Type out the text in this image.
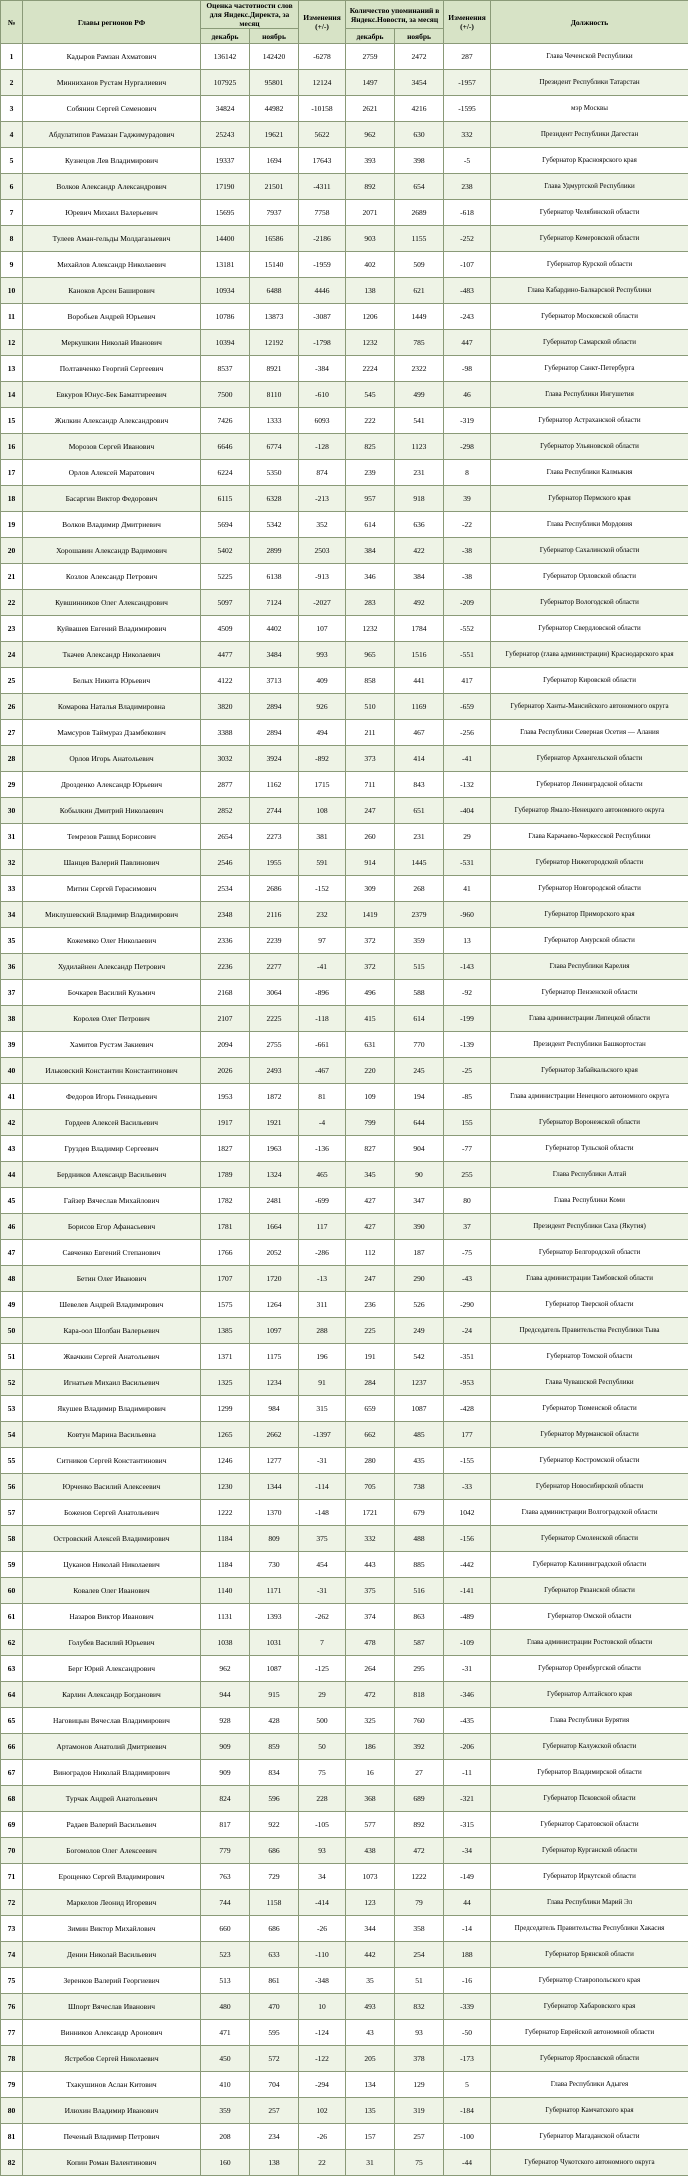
№	Главы регионов РФ	Оценка частотности слов для Яндекс.Директа, за месяц		Изменения (+/-)	Количество упоминаний в Яндекс.Новости, за месяц		Изменения (+/-)	Должность
		декабрь	ноябрь		декабрь	ноябрь		
1	Кадыров Рамзан Ахматович	136142	142420	-6278	2759	2472	287	Глава Чеченской Республики
2	Минниханов Рустам Нургалиевич	107925	95801	12124	1497	3454	-1957	Президент Республики Татарстан
3	Собянин Сергей Семенович	34824	44982	-10158	2621	4216	-1595	мэр Москвы
4	Абдулатипов Рамазан Гаджимурадович	25243	19621	5622	962	630	332	Президент Республики Дагестан
5	Кузнецов Лев Владимирович	19337	1694	17643	393	398	-5	Губернатор Красноярского края
6	Волков Александр Александрович	17190	21501	-4311	892	654	238	Глава Удмуртской Республики
7	Юревич Михаил Валерьевич	15695	7937	7758	2071	2689	-618	Губернатор Челябинской области
8	Тулеев Аман-гельды Молдагазыевич	14400	16586	-2186	903	1155	-252	Губернатор Кемеровской области
9	Михайлов Александр Николаевич	13181	15140	-1959	402	509	-107	Губернатор Курской области
10	Каноков Арсен Баширович	10934	6488	4446	138	621	-483	Глава Кабардино-Балкарской Республики
11	Воробьев Андрей Юрьевич	10786	13873	-3087	1206	1449	-243	Губернатор Московской области
12	Меркушкин Николай Иванович	10394	12192	-1798	1232	785	447	Губернатор Самарской области
13	Полтавченко Георгий Сергеевич	8537	8921	-384	2224	2322	-98	Губернатор Санкт-Петербурга
14	Евкуров Юнус-Бек Баматгиреевич	7500	8110	-610	545	499	46	Глава Республики Ингушетия
15	Жилкин Александр Александрович	7426	1333	6093	222	541	-319	Губернатор Астраханской области
16	Морозов Сергей Иванович	6646	6774	-128	825	1123	-298	Губернатор Ульяновской области
17	Орлов Алексей Маратович	6224	5350	874	239	231	8	Глава Республики Калмыкия
18	Басаргин Виктор Федорович	6115	6328	-213	957	918	39	Губернатор Пермского края
19	Волков Владимир Дмитриевич	5694	5342	352	614	636	-22	Глава Республики Мордовия
20	Хорошавин Александр Вадимович	5402	2899	2503	384	422	-38	Губернатор Сахалинской области
21	Козлов Александр Петрович	5225	6138	-913	346	384	-38	Губернатор Орловской области
22	Кувшинников Олег Александрович	5097	7124	-2027	283	492	-209	Губернатор Вологодской области
23	Куйвашев Евгений Владимирович	4509	4402	107	1232	1784	-552	Губернатор Свердловской области
24	Ткачев Александр Николаевич	4477	3484	993	965	1516	-551	Губернатор (глава администрации) Краснодарского края
25	Белых Никита Юрьевич	4122	3713	409	858	441	417	Губернатор Кировской области
26	Комарова Наталья Владимировна	3820	2894	926	510	1169	-659	Губернатор Ханты-Мансийского автономного округа
27	Мамсуров Таймураз Дзамбекович	3388	2894	494	211	467	-256	Глава Республики Северная Осетия — Алания
28	Орлов Игорь Анатольевич	3032	3924	-892	373	414	-41	Губернатор Архангельской области
29	Дрозденко Александр Юрьевич	2877	1162	1715	711	843	-132	Губернатор Ленинградской области
30	Кобылкин Дмитрий Николаевич	2852	2744	108	247	651	-404	Губернатор Ямало-Ненецкого автономного округа
31	Темрезов Рашид Борисович	2654	2273	381	260	231	29	Глава Карачаево-Черкесской Республики
32	Шанцев Валерий Павлинович	2546	1955	591	914	1445	-531	Губернатор Нижегородской области
33	Митин Сергей Герасимович	2534	2686	-152	309	268	41	Губернатор Новгородской области
34	Миклушевский Владимир Владимирович	2348	2116	232	1419	2379	-960	Губернатор Приморского края
35	Кожемяко Олег Николаевич	2336	2239	97	372	359	13	Губернатор Амурской области
36	Худилайнен Александр Петрович	2236	2277	-41	372	515	-143	Глава Республики Карелия
37	Бочкарев Василий Кузьмич	2168	3064	-896	496	588	-92	Губернатор Пензенской области
38	Королев Олег Петрович	2107	2225	-118	415	614	-199	Глава администрации Липецкой области
39	Хамитов Рустэм Закиевич	2094	2755	-661	631	770	-139	Президент Республики Башкортостан
40	Ильковский Константин Константинович	2026	2493	-467	220	245	-25	Губернатор Забайкальского края
41	Федоров Игорь Геннадьевич	1953	1872	81	109	194	-85	Глава администрации Ненецкого автономного округа
42	Гордеев Алексей Васильевич	1917	1921	-4	799	644	155	Губернатор Воронежской области
43	Груздев Владимир Сергеевич	1827	1963	-136	827	904	-77	Губернатор Тульской области
44	Бердников Александр Васильевич	1789	1324	465	345	90	255	Глава Республики Алтай
45	Гайзер Вячеслав Михайлович	1782	2481	-699	427	347	80	Глава Республики Коми
46	Борисов Егор Афанасьевич	1781	1664	117	427	390	37	Президент Республики Саха (Якутия)
47	Савченко Евгений Степанович	1766	2052	-286	112	187	-75	Губернатор Белгородской области
48	Бетин Олег Иванович	1707	1720	-13	247	290	-43	Глава администрации Тамбовской области
49	Шевелев Андрей Владимирович	1575	1264	311	236	526	-290	Губернатор Тверской области
50	Кара-оол Шолбан Валерьевич	1385	1097	288	225	249	-24	Председатель Правительства Республики Тыва
51	Жвачкин Сергей Анатольевич	1371	1175	196	191	542	-351	Губернатор Томской области
52	Игнатьев Михаил Васильевич	1325	1234	91	284	1237	-953	Глава Чувашской Республики
53	Якушев Владимир Владимирович	1299	984	315	659	1087	-428	Губернатор Тюменской области
54	Ковтун Марина Васильевна	1265	2662	-1397	662	485	177	Губернатор Мурманской области
55	Ситников Сергей Константинович	1246	1277	-31	280	435	-155	Губернатор Костромской области
56	Юрченко Василий Алексеевич	1230	1344	-114	705	738	-33	Губернатор Новосибирской области
57	Боженов Сергей Анатольевич	1222	1370	-148	1721	679	1042	Глава администрации Волгоградской области
58	Островский Алексей Владимирович	1184	809	375	332	488	-156	Губернатор Смоленской области
59	Цуканов Николай Николаевич	1184	730	454	443	885	-442	Губернатор Калининградской области
60	Ковалев Олег Иванович	1140	1171	-31	375	516	-141	Губернатор Рязанской области
61	Назаров Виктор Иванович	1131	1393	-262	374	863	-489	Губернатор Омской области
62	Голубев Василий Юрьевич	1038	1031	7	478	587	-109	Глава администрации Ростовской области
63	Берг Юрий Александрович	962	1087	-125	264	295	-31	Губернатор Оренбургской области
64	Карлин Александр Богданович	944	915	29	472	818	-346	Губернатор Алтайского края
65	Наговицын Вячеслав Владимирович	928	428	500	325	760	-435	Глава Республики Бурятия
66	Артамонов Анатолий Дмитриевич	909	859	50	186	392	-206	Губернатор Калужской области
67	Виноградов Николай Владимирович	909	834	75	16	27	-11	Губернатор Владимирской области
68	Турчак Андрей Анатольевич	824	596	228	368	689	-321	Губернатор Псковской области
69	Радаев Валерий Васильевич	817	922	-105	577	892	-315	Губернатор Саратовской области
70	Богомолов Олег Алексеевич	779	686	93	438	472	-34	Губернатор Курганской области
71	Ерощенко Сергей Владимирович	763	729	34	1073	1222	-149	Губернатор Иркутской области
72	Маркелов Леонид Игоревич	744	1158	-414	123	79	44	Глава Республики Марий Эл
73	Зимин Виктор Михайлович	660	686	-26	344	358	-14	Председатель Правительства Республики Хакасия
74	Денин Николай Васильевич	523	633	-110	442	254	188	Губернатор Брянской области
75	Зеренков Валерий Георгиевич	513	861	-348	35	51	-16	Губернатор Ставропольского края
76	Шпорт Вячеслав Иванович	480	470	10	493	832	-339	Губернатор Хабаровского края
77	Винников Александр Аронович	471	595	-124	43	93	-50	Губернатор Еврейской автономной области
78	Ястребов Сергей Николаевич	450	572	-122	205	378	-173	Губернатор Ярославской области
79	Тхакушинов Аслан Китович	410	704	-294	134	129	5	Глава Республики Адыгея
80	Илюхин Владимир Иванович	359	257	102	135	319	-184	Губернатор Камчатского края
81	Печеный Владимир Петрович	208	234	-26	157	257	-100	Губернатор Магаданской области
82	Копин Роман Валентинович	160	138	22	31	75	-44	Губернатор Чукотского автономного округа
